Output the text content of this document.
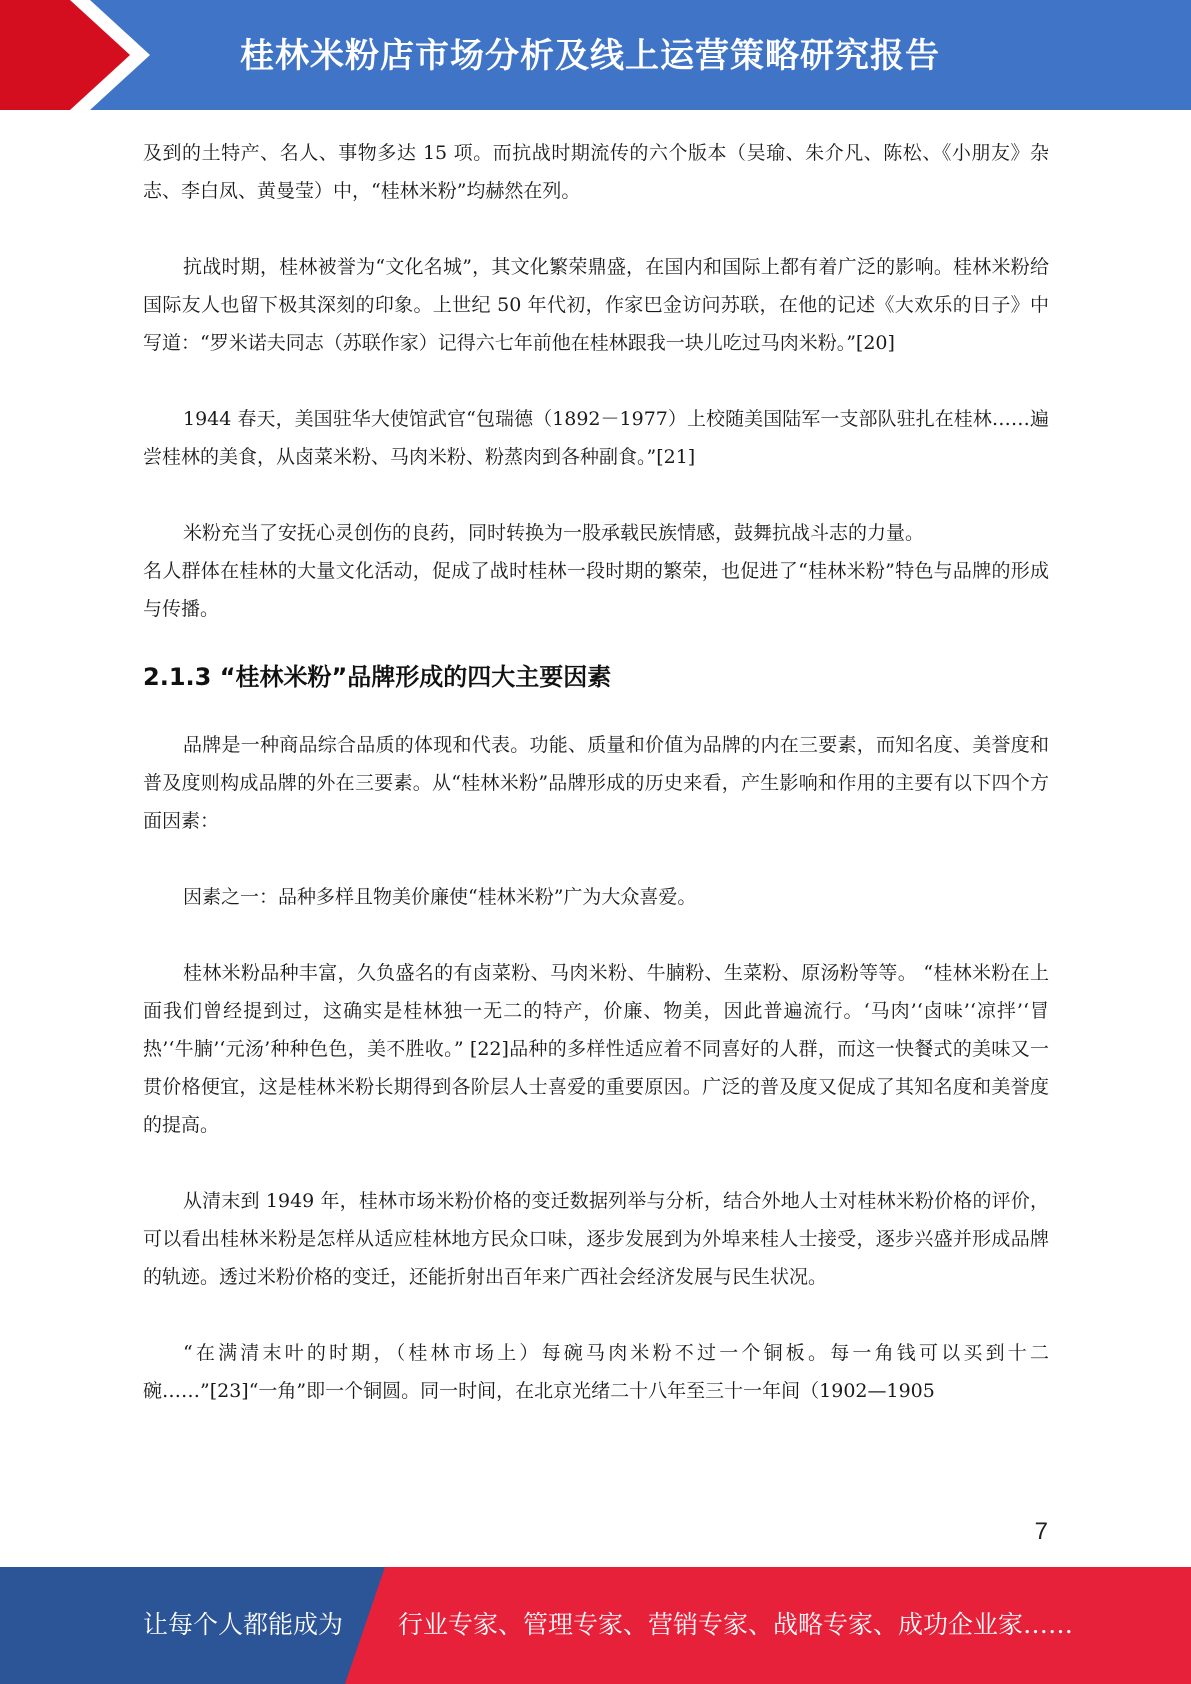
桂林米粉店市场分析及线上运营策略研究报告

及到的土特产、名人、事物多达 15 项。而抗战时期流传的六个版本（吴瑜、朱介凡、陈松、《小朋友》杂志、李白凤、黄曼莹）中，“桂林米粉”均赫然在列。

抗战时期，桂林被誉为“文化名城”，其文化繁荣鼎盛，在国内和国际上都有着广泛的影响。桂林米粉给国际友人也留下极其深刻的印象。上世纪 50 年代初，作家巴金访问苏联，在他的记述《大欢乐的日子》中写道：“罗米诺夫同志（苏联作家）记得六七年前他在桂林跟我一块儿吃过马肉米粉。”[20]

1944 春天，美国驻华大使馆武官“包瑞德（1892－1977）上校随美国陆军一支部队驻扎在桂林……遍尝桂林的美食，从卤菜米粉、马肉米粉、粉蒸肉到各种副食。”[21]

米粉充当了安抚心灵创伤的良药，同时转换为一股承载民族情感，鼓舞抗战斗志的力量。

名人群体在桂林的大量文化活动，促成了战时桂林一段时期的繁荣，也促进了“桂林米粉”特色与品牌的形成与传播。

2.1.3 “桂林米粉”品牌形成的四大主要因素

品牌是一种商品综合品质的体现和代表。功能、质量和价值为品牌的内在三要素，而知名度、美誉度和普及度则构成品牌的外在三要素。从“桂林米粉”品牌形成的历史来看，产生影响和作用的主要有以下四个方面因素：

因素之一：品种多样且物美价廉使“桂林米粉”广为大众喜爱。

桂林米粉品种丰富，久负盛名的有卤菜粉、马肉米粉、牛腩粉、生菜粉、原汤粉等等。 “桂林米粉在上面我们曾经提到过，这确实是桂林独一无二的特产，价廉、物美，因此普遍流行。‘马肉’‘卤味’‘凉拌’‘冒热’‘牛腩’‘元汤’种种色色，美不胜收。” [22]品种的多样性适应着不同喜好的人群，而这一快餐式的美味又一贯价格便宜，这是桂林米粉长期得到各阶层人士喜爱的重要原因。广泛的普及度又促成了其知名度和美誉度的提高。

从清末到 1949 年，桂林市场米粉价格的变迁数据列举与分析，结合外地人士对桂林米粉价格的评价，可以看出桂林米粉是怎样从适应桂林地方民众口味，逐步发展到为外埠来桂人士接受，逐步兴盛并形成品牌的轨迹。透过米粉价格的变迁，还能折射出百年来广西社会经济发展与民生状况。

“在满清末叶的时期，（桂林市场上）每碗马肉米粉不过一个铜板。每一角钱可以买到十二碗……”[23]“一角”即一个铜圆。同一时间，在北京光绪二十八年至三十一年间（1902—1905

7
让每个人都能成为 行业专家、管理专家、营销专家、战略专家、成功企业家……
